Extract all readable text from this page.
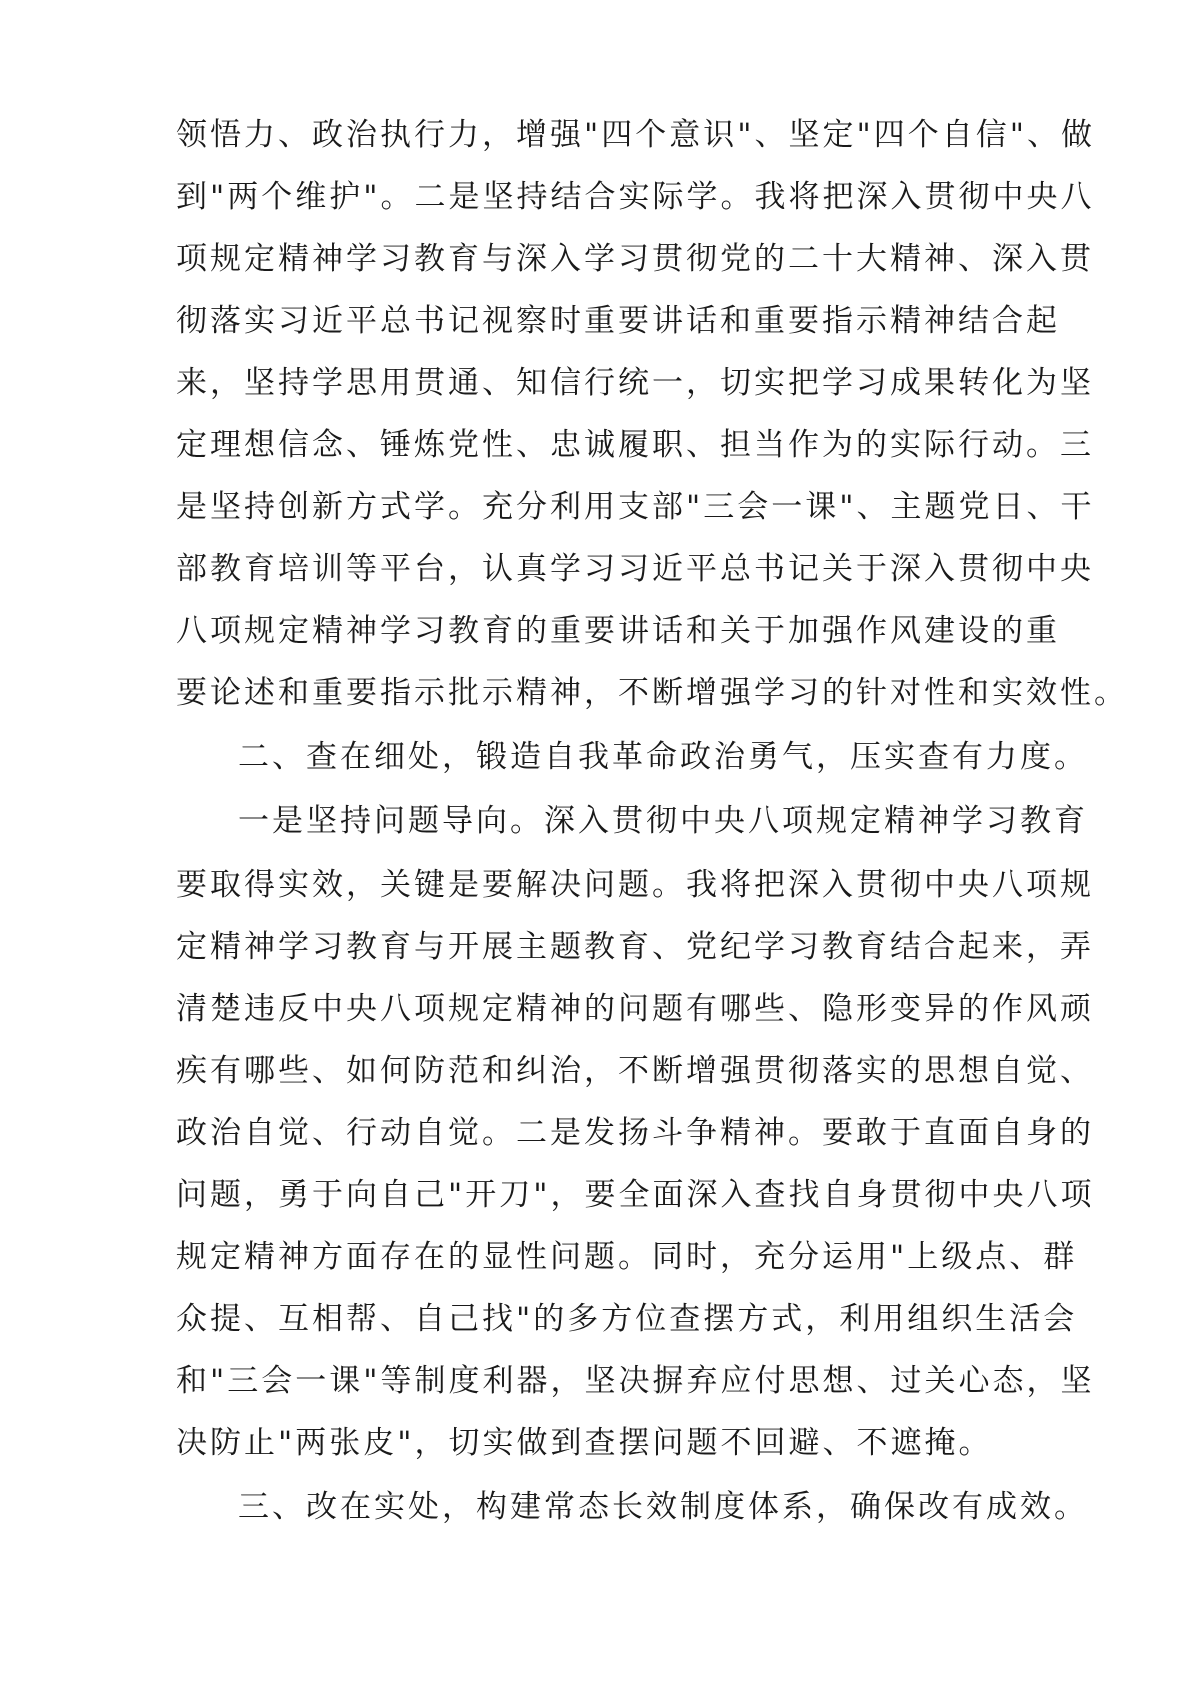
领悟力、政治执行力，增强"四个意识"、坚定"四个自信"、做
到"两个维护"。二是坚持结合实际学。我将把深入贯彻中央八
项规定精神学习教育与深入学习贯彻党的二十大精神、深入贯
彻落实习近平总书记视察时重要讲话和重要指示精神结合起
来，坚持学思用贯通、知信行统一，切实把学习成果转化为坚
定理想信念、锤炼党性、忠诚履职、担当作为的实际行动。三
是坚持创新方式学。充分利用支部"三会一课"、主题党日、干
部教育培训等平台，认真学习习近平总书记关于深入贯彻中央
八项规定精神学习教育的重要讲话和关于加强作风建设的重
要论述和重要指示批示精神，不断增强学习的针对性和实效性。
二、查在细处，锻造自我革命政治勇气，压实查有力度。
一是坚持问题导向。深入贯彻中央八项规定精神学习教育
要取得实效，关键是要解决问题。我将把深入贯彻中央八项规
定精神学习教育与开展主题教育、党纪学习教育结合起来，弄
清楚违反中央八项规定精神的问题有哪些、隐形变异的作风顽
疾有哪些、如何防范和纠治，不断增强贯彻落实的思想自觉、
政治自觉、行动自觉。二是发扬斗争精神。要敢于直面自身的
问题，勇于向自己"开刀"，要全面深入查找自身贯彻中央八项
规定精神方面存在的显性问题。同时，充分运用"上级点、群
众提、互相帮、自己找"的多方位查摆方式，利用组织生活会
和"三会一课"等制度利器，坚决摒弃应付思想、过关心态，坚
决防止"两张皮"，切实做到查摆问题不回避、不遮掩。
三、改在实处，构建常态长效制度体系，确保改有成效。
